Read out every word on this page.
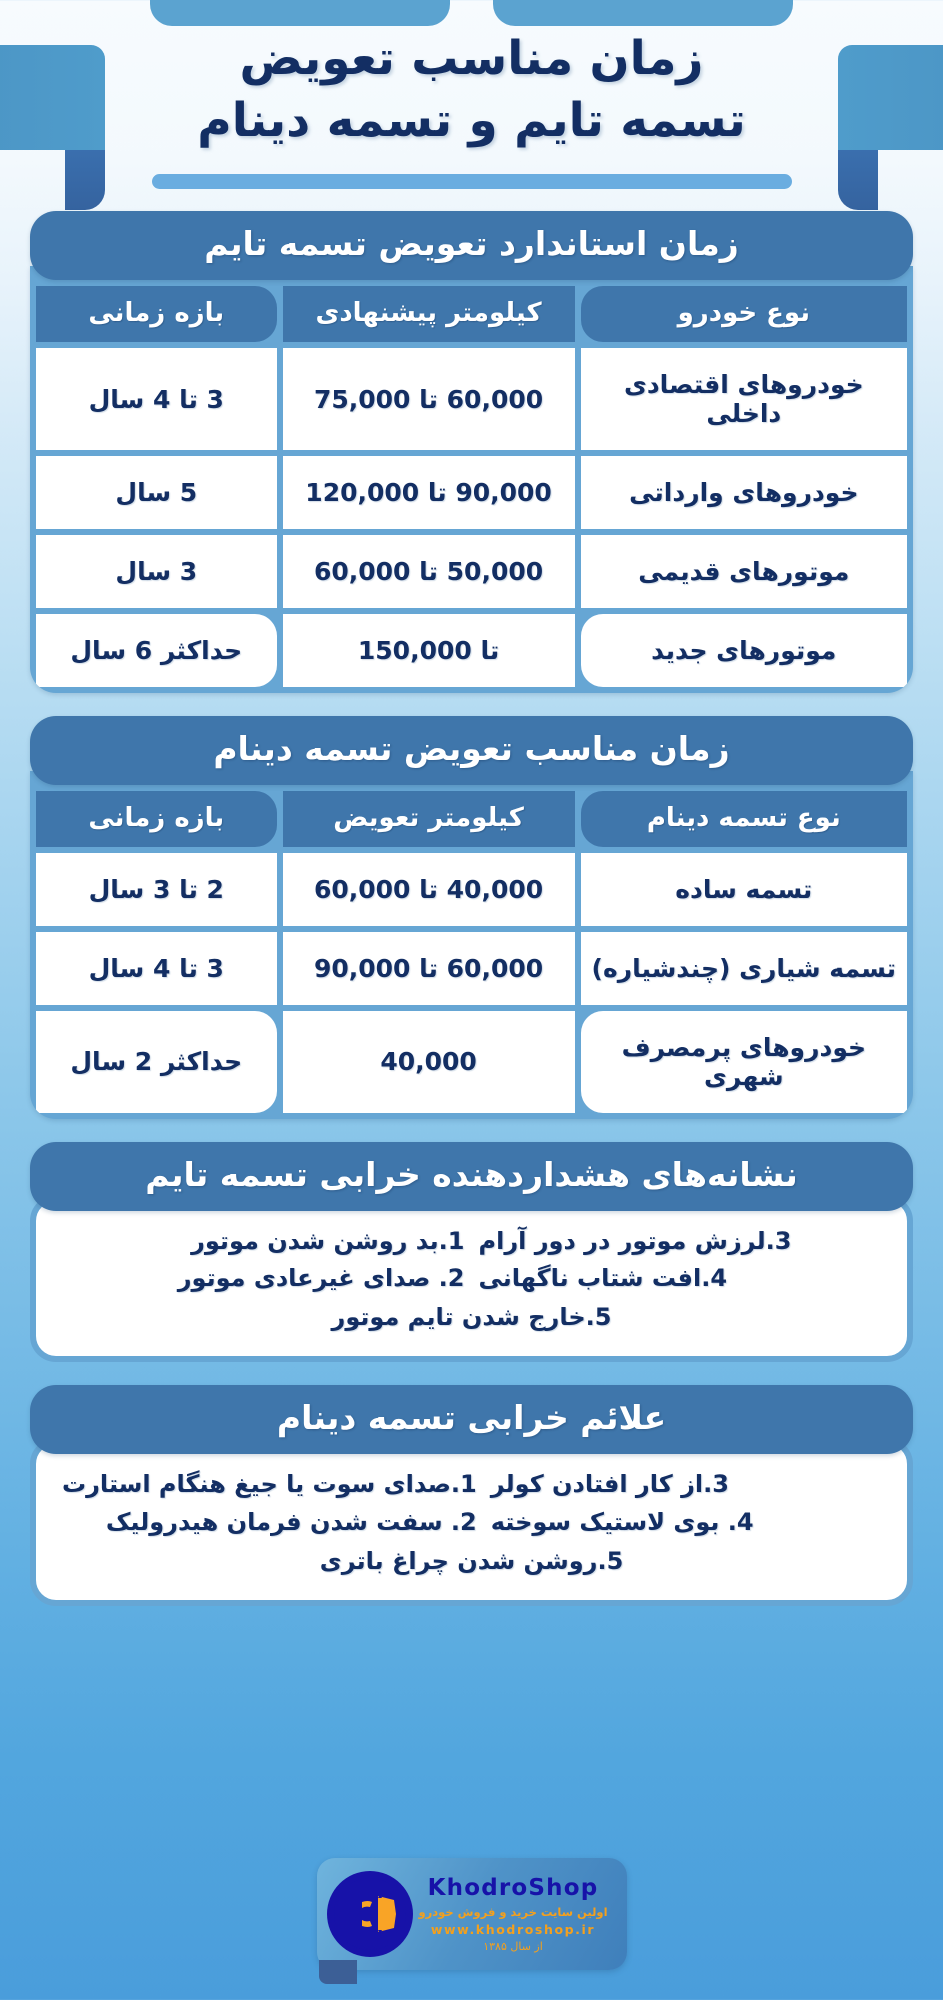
زمان مناسب تعویض
تسمه تایم و تسمه دینام
زمان استاندارد تعویض تسمه تایم
نوع خودرو	کیلومتر پیشنهادی	بازه زمانی
خودروهای اقتصادی داخلی	60,000 تا 75,000	3 تا 4 سال
خودروهای وارداتی	90,000 تا 120,000	5 سال
موتورهای قدیمی	50,000 تا 60,000	3 سال
موتورهای جدید	تا 150,000	حداکثر 6 سال
زمان مناسب تعویض تسمه دینام
نوع تسمه دینام	کیلومتر تعویض	بازه زمانی
تسمه ساده	40,000 تا 60,000	2 تا 3 سال
تسمه شیاری (چندشیاره)	60,000 تا 90,000	3 تا 4 سال
خودروهای پرمصرف شهری	40,000	حداکثر 2 سال
نشانه‌های هشداردهنده خرابی تسمه تایم
3.لرزش موتور در دور آرام
4.افت شتاب ناگهانی
1.بد روشن شدن موتور
2. صدای غیرعادی موتور
5.خارج شدن تایم موتور
علائم خرابی تسمه دینام
3.از کار افتادن کولر
4. بوی لاستیک سوخته
1.صدای سوت یا جیغ هنگام استارت
2. سفت شدن فرمان هیدرولیک
5.روشن شدن چراغ باتری
KhodroShop
اولین سایت خرید و فروش خودرو
www.khodroshop.ir
از سال ۱۳۸۵
